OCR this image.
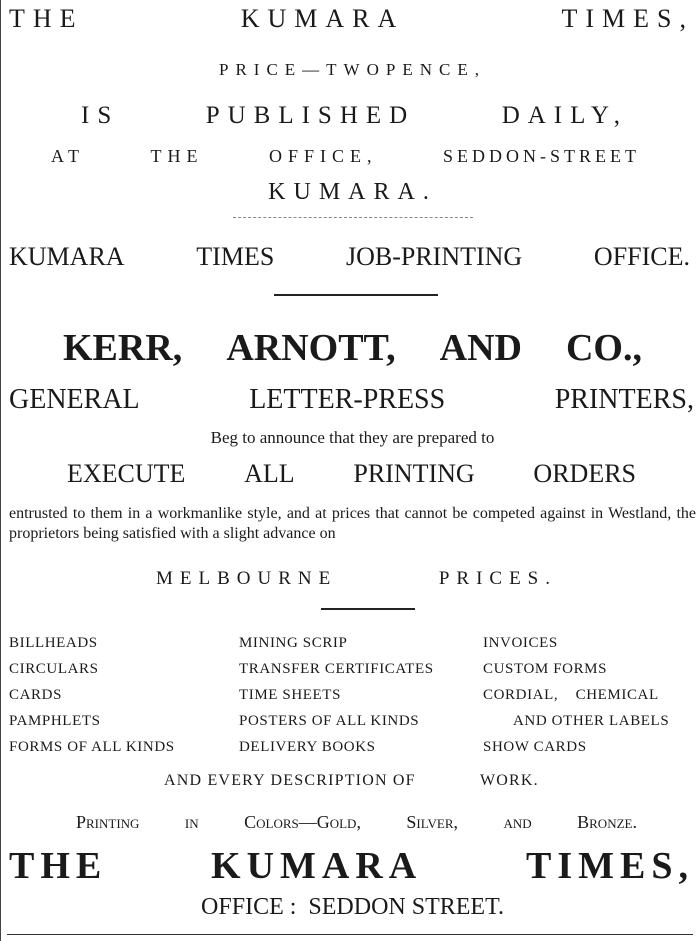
THE	KUMARA	TIMES,
PRICE—TWOPENCE,
IS	PUBLISHED	DAILY,
AT	THE	OFFICE,	SEDDON-STREET
KUMARA.
KUMARA	TIMES	JOB-PRINTING	OFFICE.
KERR, ARNOTT, AND CO.,
GENERAL	LETTER-PRESS	PRINTERS,
Beg to announce that they are prepared to
EXECUTE ALL PRINTING ORDERS
entrusted to them in a workmanlike style, and at prices that cannot be competed against in Westland, the proprietors being satisfied with a slight advance on
MELBOURNE	PRICES.
BILLHEADS	MINING SCRIP	INVOICES
CIRCULARS	TRANSFER CERTIFICATES	CUSTOM FORMS
CARDS	TIME SHEETS	CORDIAL,    CHEMICAL
PAMPHLETS	POSTERS OF ALL KINDS	AND OTHER LABELS
FORMS OF ALL KINDS	DELIVERY BOOKS	SHOW CARDS
AND EVERY DESCRIPTION OF	WORK.
Printing	in	Colors—Gold,	Silver,	and	Bronze.
THE	KUMARA	TIMES,
OFFICE :  SEDDON STREET.
